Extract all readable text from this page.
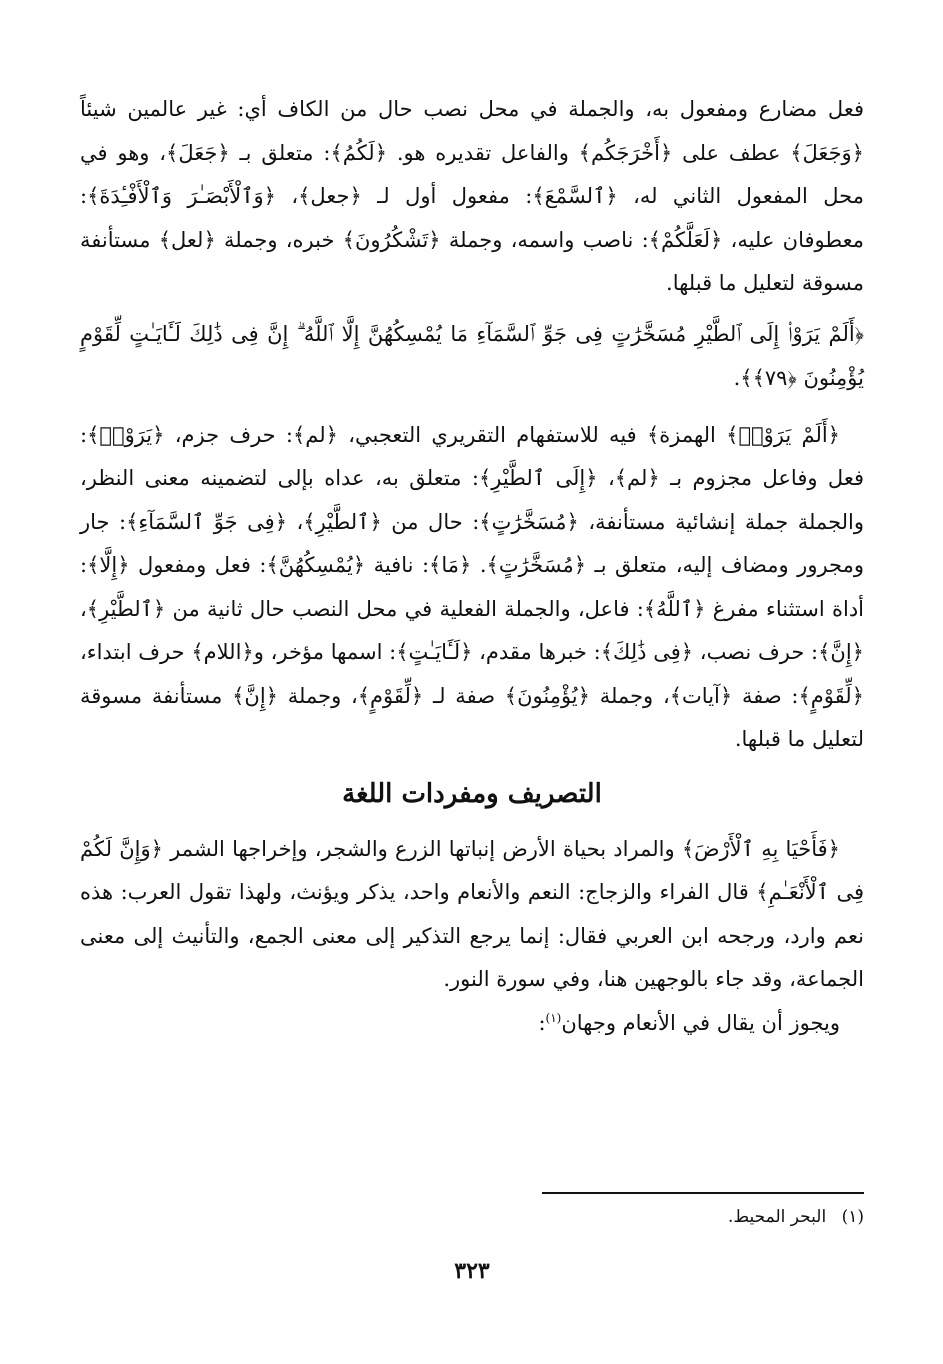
فعل مضارع ومفعول به، والجملة في محل نصب حال من الكاف أي: غير عالمين شيئاً ﴿وَجَعَلَ﴾ عطف على ﴿أَخْرَجَكُم﴾ والفاعل تقديره هو. ﴿لَكُمُ﴾: متعلق بـ ﴿جَعَلَ﴾، وهو في محل المفعول الثاني له، ﴿ٱلسَّمْعَ﴾: مفعول أول لـ ﴿جعل﴾، ﴿وَٱلْأَبْصَـٰرَ وَٱلْأَفْـِٔدَةَ﴾: معطوفان عليه، ﴿لَعَلَّكُمْ﴾: ناصب واسمه، وجملة ﴿تَشْكُرُونَ﴾ خبره، وجملة ﴿لعل﴾ مستأنفة مسوقة لتعليل ما قبلها.

﴿أَلَمْ يَرَوْا۟ إِلَى ٱلطَّيْرِ مُسَخَّرَٰتٍ فِى جَوِّ ٱلسَّمَآءِ مَا يُمْسِكُهُنَّ إِلَّا ٱللَّهُ ۗ إِنَّ فِى ذَٰلِكَ لَـَٔايَـٰتٍ لِّقَوْمٍ يُؤْمِنُونَ ﴿٧٩﴾﴾.

﴿أَلَمْ يَرَوْا۟﴾ الهمزة﴾ فيه للاستفهام التقريري التعجبي، ﴿لم﴾: حرف جزم، ﴿يَرَوْا۟﴾: فعل وفاعل مجزوم بـ ﴿لم﴾، ﴿إِلَى ٱلطَّيْرِ﴾: متعلق به، عداه بإلى لتضمينه معنى النظر، والجملة جملة إنشائية مستأنفة، ﴿مُسَخَّرَٰتٍ﴾: حال من ﴿ٱلطَّيْرِ﴾، ﴿فِى جَوِّ ٱلسَّمَآءِ﴾: جار ومجرور ومضاف إليه، متعلق بـ ﴿مُسَخَّرَٰتٍ﴾. ﴿مَا﴾: نافية ﴿يُمْسِكُهُنَّ﴾: فعل ومفعول ﴿إِلَّا﴾: أداة استثناء مفرغ ﴿ٱللَّهُ﴾: فاعل، والجملة الفعلية في محل النصب حال ثانية من ﴿ٱلطَّيْرِ﴾، ﴿إِنَّ﴾: حرف نصب، ﴿فِى ذَٰلِكَ﴾: خبرها مقدم، ﴿لَـَٔايَـٰتٍ﴾: اسمها مؤخر، و﴿اللام﴾ حرف ابتداء، ﴿لِّقَوْمٍ﴾: صفة ﴿آيات﴾، وجملة ﴿يُؤْمِنُونَ﴾ صفة لـ ﴿لِّقَوْمٍ﴾، وجملة ﴿إِنَّ﴾ مستأنفة مسوقة لتعليل ما قبلها.

التصريف ومفردات اللغة

﴿فَأَحْيَا بِهِ ٱلْأَرْضَ﴾ والمراد بحياة الأرض إنباتها الزرع والشجر، وإخراجها الشمر ﴿وَإِنَّ لَكُمْ فِى ٱلْأَنْعَـٰمِ﴾ قال الفراء والزجاج: النعم والأنعام واحد، يذكر ويؤنث، ولهذا تقول العرب: هذه نعم وارد، ورجحه ابن العربي فقال: إنما يرجع التذكير إلى معنى الجمع، والتأنيث إلى معنى الجماعة، وقد جاء بالوجهين هنا، وفي سورة النور.

ويجوز أن يقال في الأنعام وجهان$^{(١)}$:

(١) البحر المحيط.
٣٢٣
